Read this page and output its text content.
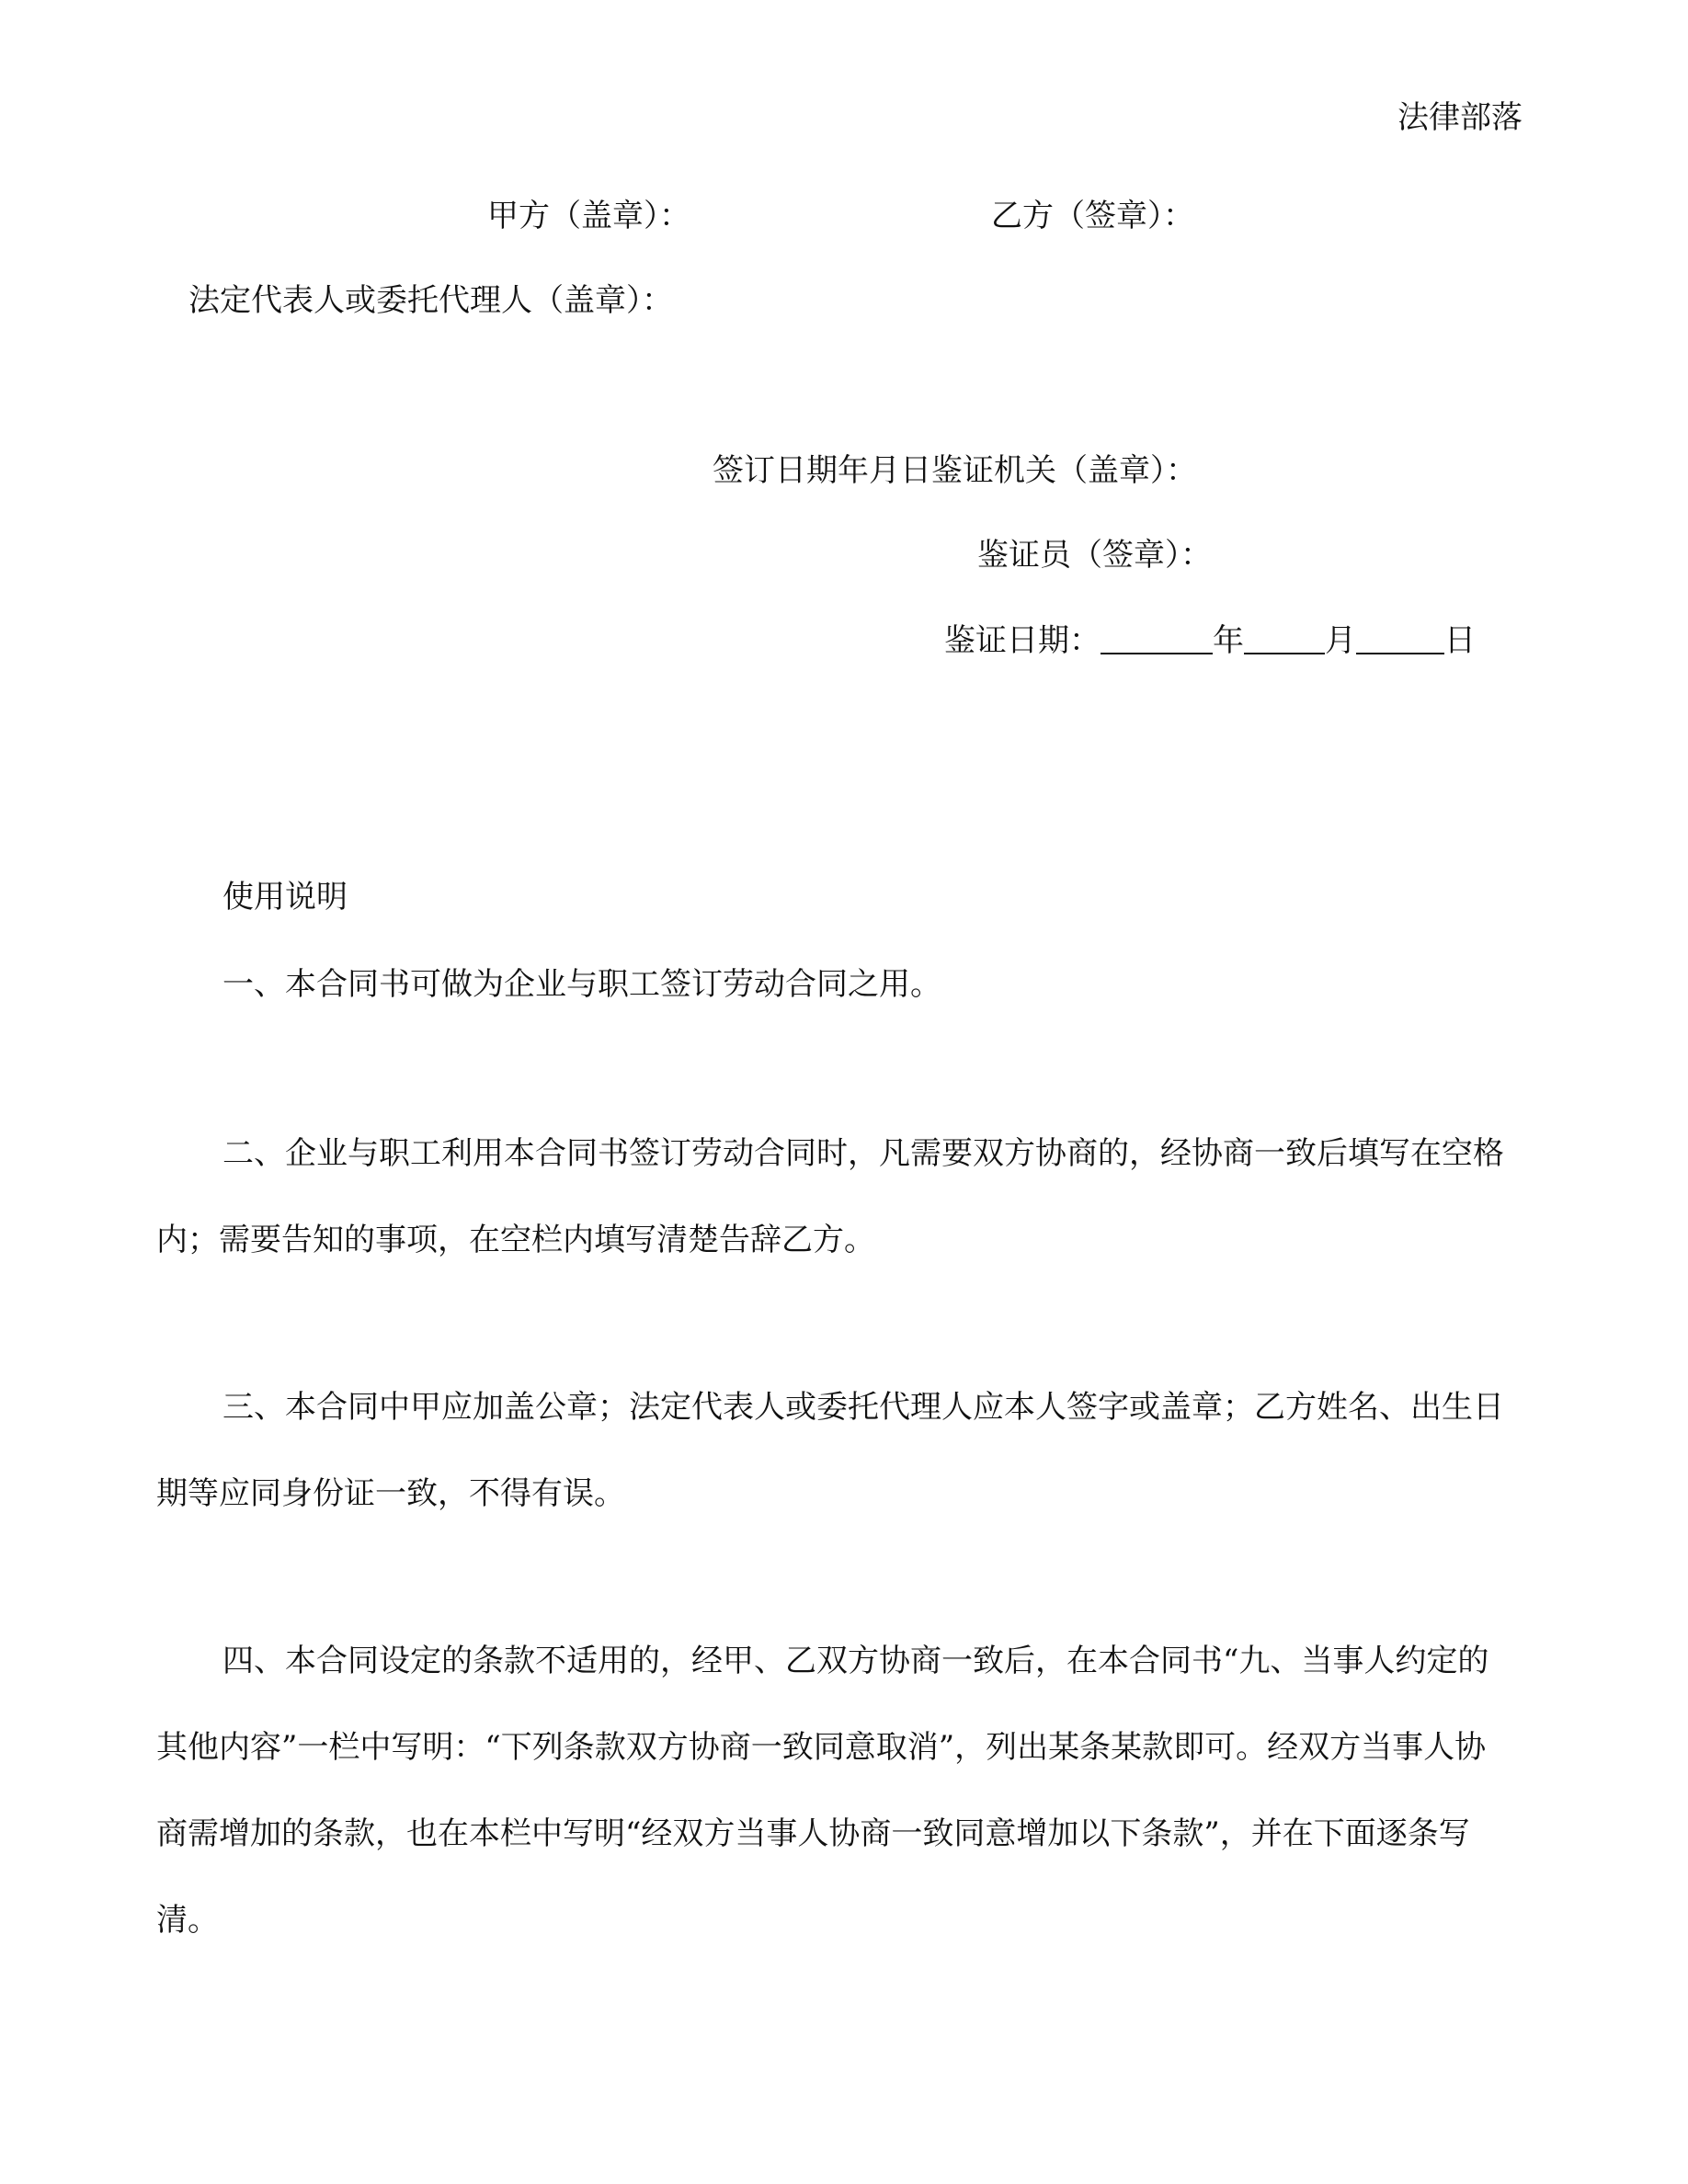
法律部落
甲方（盖章）：	乙方（签章）：
法定代表人或委托代理人（盖章）：
签订日期年月日鉴证机关（盖章）：
鉴证员（签章）：
鉴证日期：	年	月	日
使用说明
一、本合同书可做为企业与职工签订劳动合同之用。
二、企业与职工利用本合同书签订劳动合同时，凡需要双方协商的，经协商一致后填写在空格内；需要告知的事项，在空栏内填写清楚告辞乙方。
三、本合同中甲应加盖公章；法定代表人或委托代理人应本人签字或盖章；乙方姓名、出生日期等应同身份证一致，不得有误。
四、本合同设定的条款不适用的，经甲、乙双方协商一致后，在本合同书“九、当事人约定的其他内容”一栏中写明：“下列条款双方协商一致同意取消”，列出某条某款即可。经双方当事人协商需增加的条款，也在本栏中写明“经双方当事人协商一致同意增加以下条款”，并在下面逐条写清。
